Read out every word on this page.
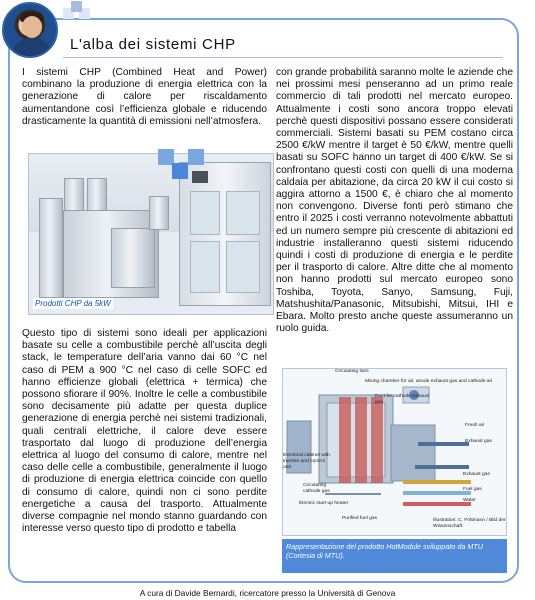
L'alba dei sistemi CHP
I sistemi CHP (Combined Heat and Power) combinano la produzione di energia elettrica con la generazione di calore per riscaldamento aumentandone così l’efficienza globale e riducendo drasticamente la quantità di emissioni nell’atmosfera.
Prodotti CHP da 5kW
Questo tipo di sistemi sono ideali per applicazioni basate su celle a combustibile perchè all’uscita degli stack, le temperature dell’aria vanno dai 60 °C nel caso di PEM a 900 °C nel caso di celle SOFC ed hanno efficienze globali (elettrica + termica) che possono sfiorare il 90%. Inoltre le celle a combustibile sono decisamente più adatte per questa duplice generazione di energia perchè nei sistemi tradizionali, quali centrali elettriche, il calore deve essere trasportato dal luogo di produzione dell’energia elettrica al luogo del consumo di calore, mentre nel caso delle celle a combustibile, generalmente il luogo di produzione di energia elettrica coincide con quello di consumo di calore, quindi non ci sono perdite energetiche a causa del trasporto. Attualmente diverse compagnie nel mondo stanno guardando con interesse verso questo tipo di prodotto e tabella
con grande probabilità saranno molte le aziende che nei prossimi mesi penseranno ad un primo reale commercio di tali prodotti nel mercato europeo. Attualmente i costi sono ancora troppo elevati perchè questi dispositivi possano essere considerati commerciali. Sistemi basati su PEM costano circa 2500 €/kW mentre il target è 50 €/kW, mentre quelli basati su SOFC hanno un target di 400 €/kW. Se si confrontano questi costi con quelli di una moderna caldaia per abitazione, da circa 20 kW il cui costo si aggira attorno a 1500 €, è chiaro che al momento non convengono. Diverse fonti però stimano che entro il 2025 i costi verranno notevolmente abbattuti ed un numero sempre più crescente di abitazioni ed industrie installeranno questi sistemi riducendo quindi i costi di produzione di energia e le perdite per il trasporto di calore. Altre ditte che al momento non hanno prodotti sul mercato europeo sono Toshiba, Toyota, Sanyo, Samsung, Fuji, Matshushita/Panasonic, Mitsubishi, Mitsui, IHI e Ebara. Molto presto anche queste assumeranno un ruolo guida.
Circulating fans
Mixing chamber for air, anode exhaust gas and cathode air
Duct for cathode exhaust gas
Fresh air
Exhaust gas
Electrical cabinet with inverter and control unit
Circulating cathode gas
Electric start-up heater
Purified fuel gas
Exhaust gas
Fuel gas
Water
Illustration: C. Frittmann / Bild der Wissenschaft
Rappresentazione del prodotto HotModule sviluppato da MTU (Cortesia di MTU).
A cura di Davide Bernardi, ricercatore presso la Università di Genova
